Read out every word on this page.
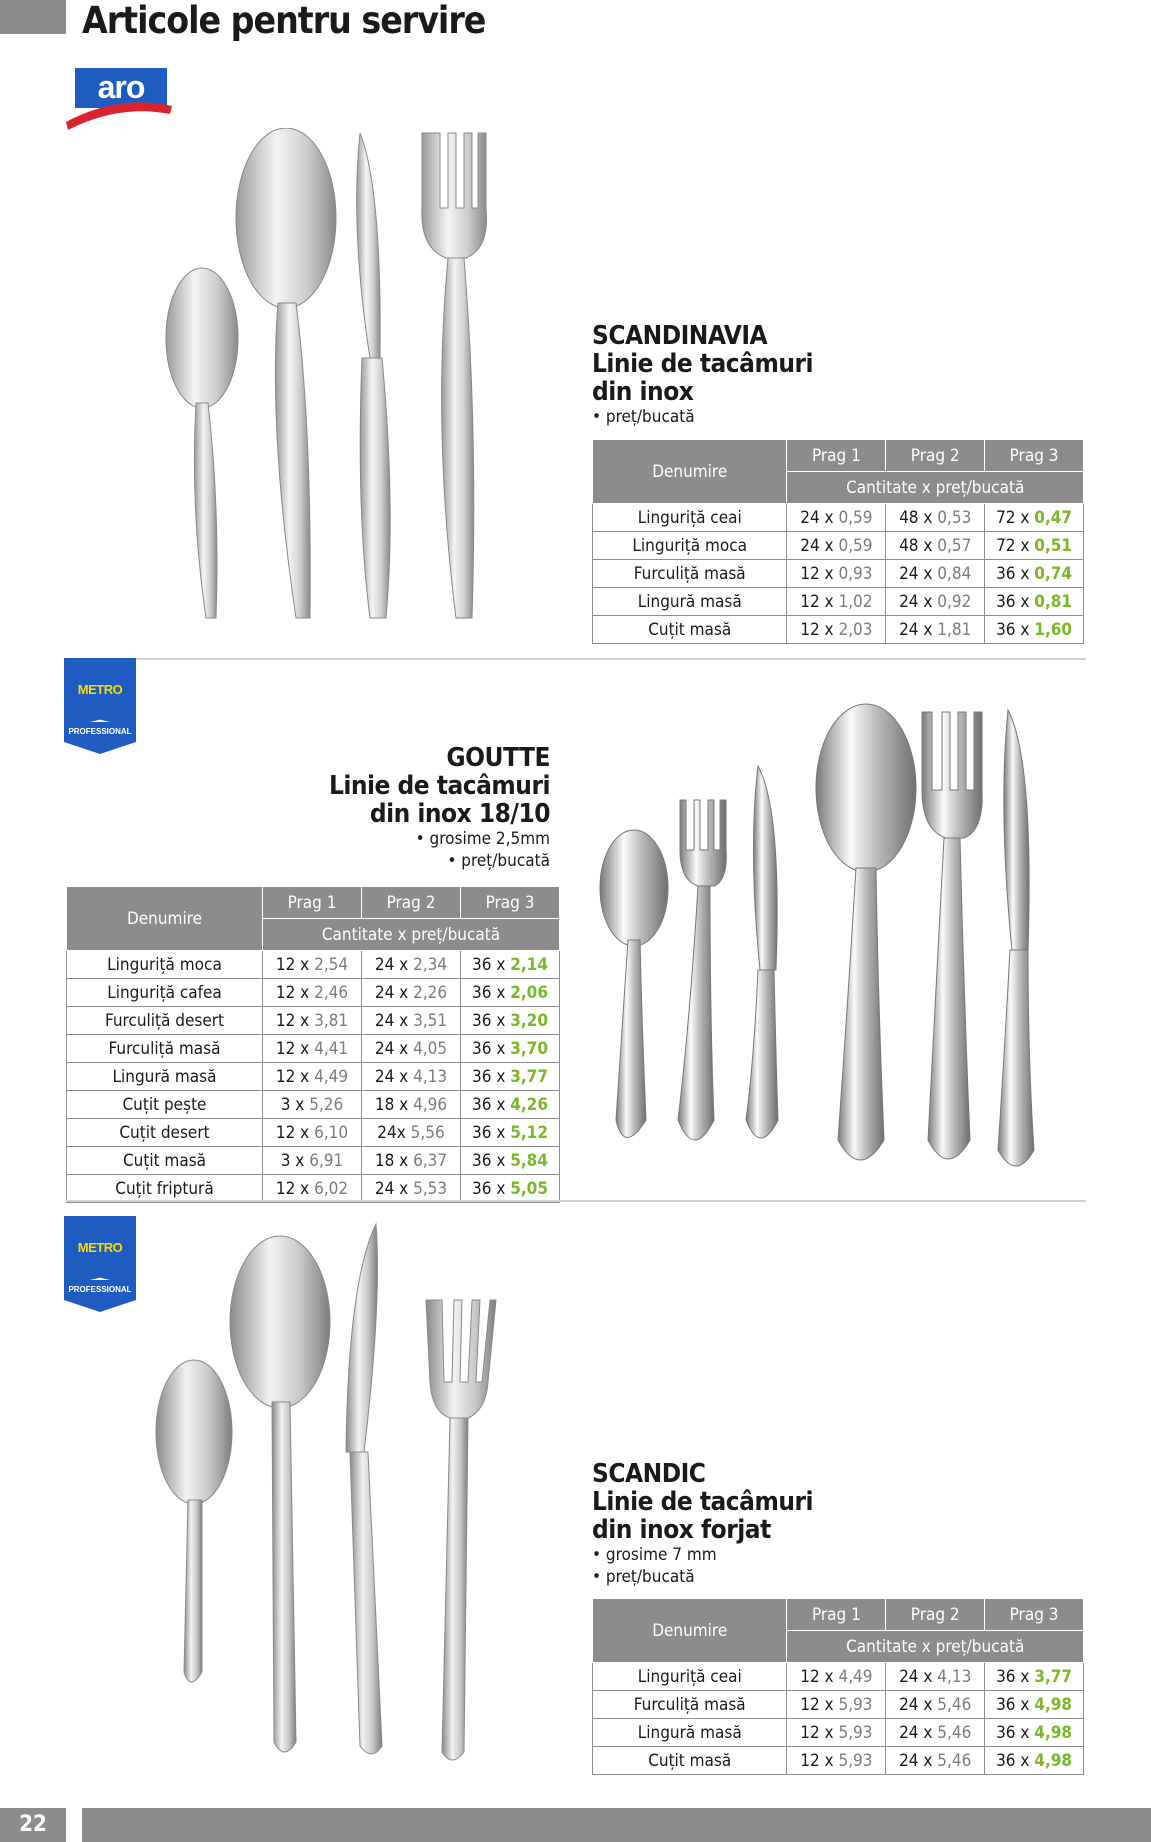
Articole pentru servire
aro
SCANDINAVIA
Linie de tacâmuri
din inox
• preț/bucată
Denumire	Prag 1	Prag 2	Prag 3
	Cantitate x preț/bucată		
Linguriță ceai	24 x 0,59	48 x 0,53	72 x 0,47
Linguriță moca	24 x 0,59	48 x 0,57	72 x 0,51
Furculiță masă	12 x 0,93	24 x 0,84	36 x 0,74
Lingură masă	12 x 1,02	24 x 0,92	36 x 0,81
Cuțit masă	12 x 2,03	24 x 1,81	36 x 1,60
METRO
PROFESSIONAL
GOUTTE
Linie de tacâmuri
din inox 18/10
• grosime 2,5mm
• preț/bucată
Denumire	Prag 1	Prag 2	Prag 3
	Cantitate x preț/bucată		
Linguriță moca	12 x 2,54	24 x 2,34	36 x 2,14
Linguriță cafea	12 x 2,46	24 x 2,26	36 x 2,06
Furculiță desert	12 x 3,81	24 x 3,51	36 x 3,20
Furculiță masă	12 x 4,41	24 x 4,05	36 x 3,70
Lingură masă	12 x 4,49	24 x 4,13	36 x 3,77
Cuțit pește	3 x 5,26	18 x 4,96	36 x 4,26
Cuțit desert	12 x 6,10	24x 5,56	36 x 5,12
Cuțit masă	3 x 6,91	18 x 6,37	36 x 5,84
Cuțit friptură	12 x 6,02	24 x 5,53	36 x 5,05
METRO
PROFESSIONAL
SCANDIC
Linie de tacâmuri
din inox forjat
• grosime 7 mm
• preț/bucată
Denumire	Prag 1	Prag 2	Prag 3
	Cantitate x preț/bucată		
Linguriță ceai	12 x 4,49	24 x 4,13	36 x 3,77
Furculiță masă	12 x 5,93	24 x 5,46	36 x 4,98
Lingură masă	12 x 5,93	24 x 5,46	36 x 4,98
Cuțit masă	12 x 5,93	24 x 5,46	36 x 4,98
22
